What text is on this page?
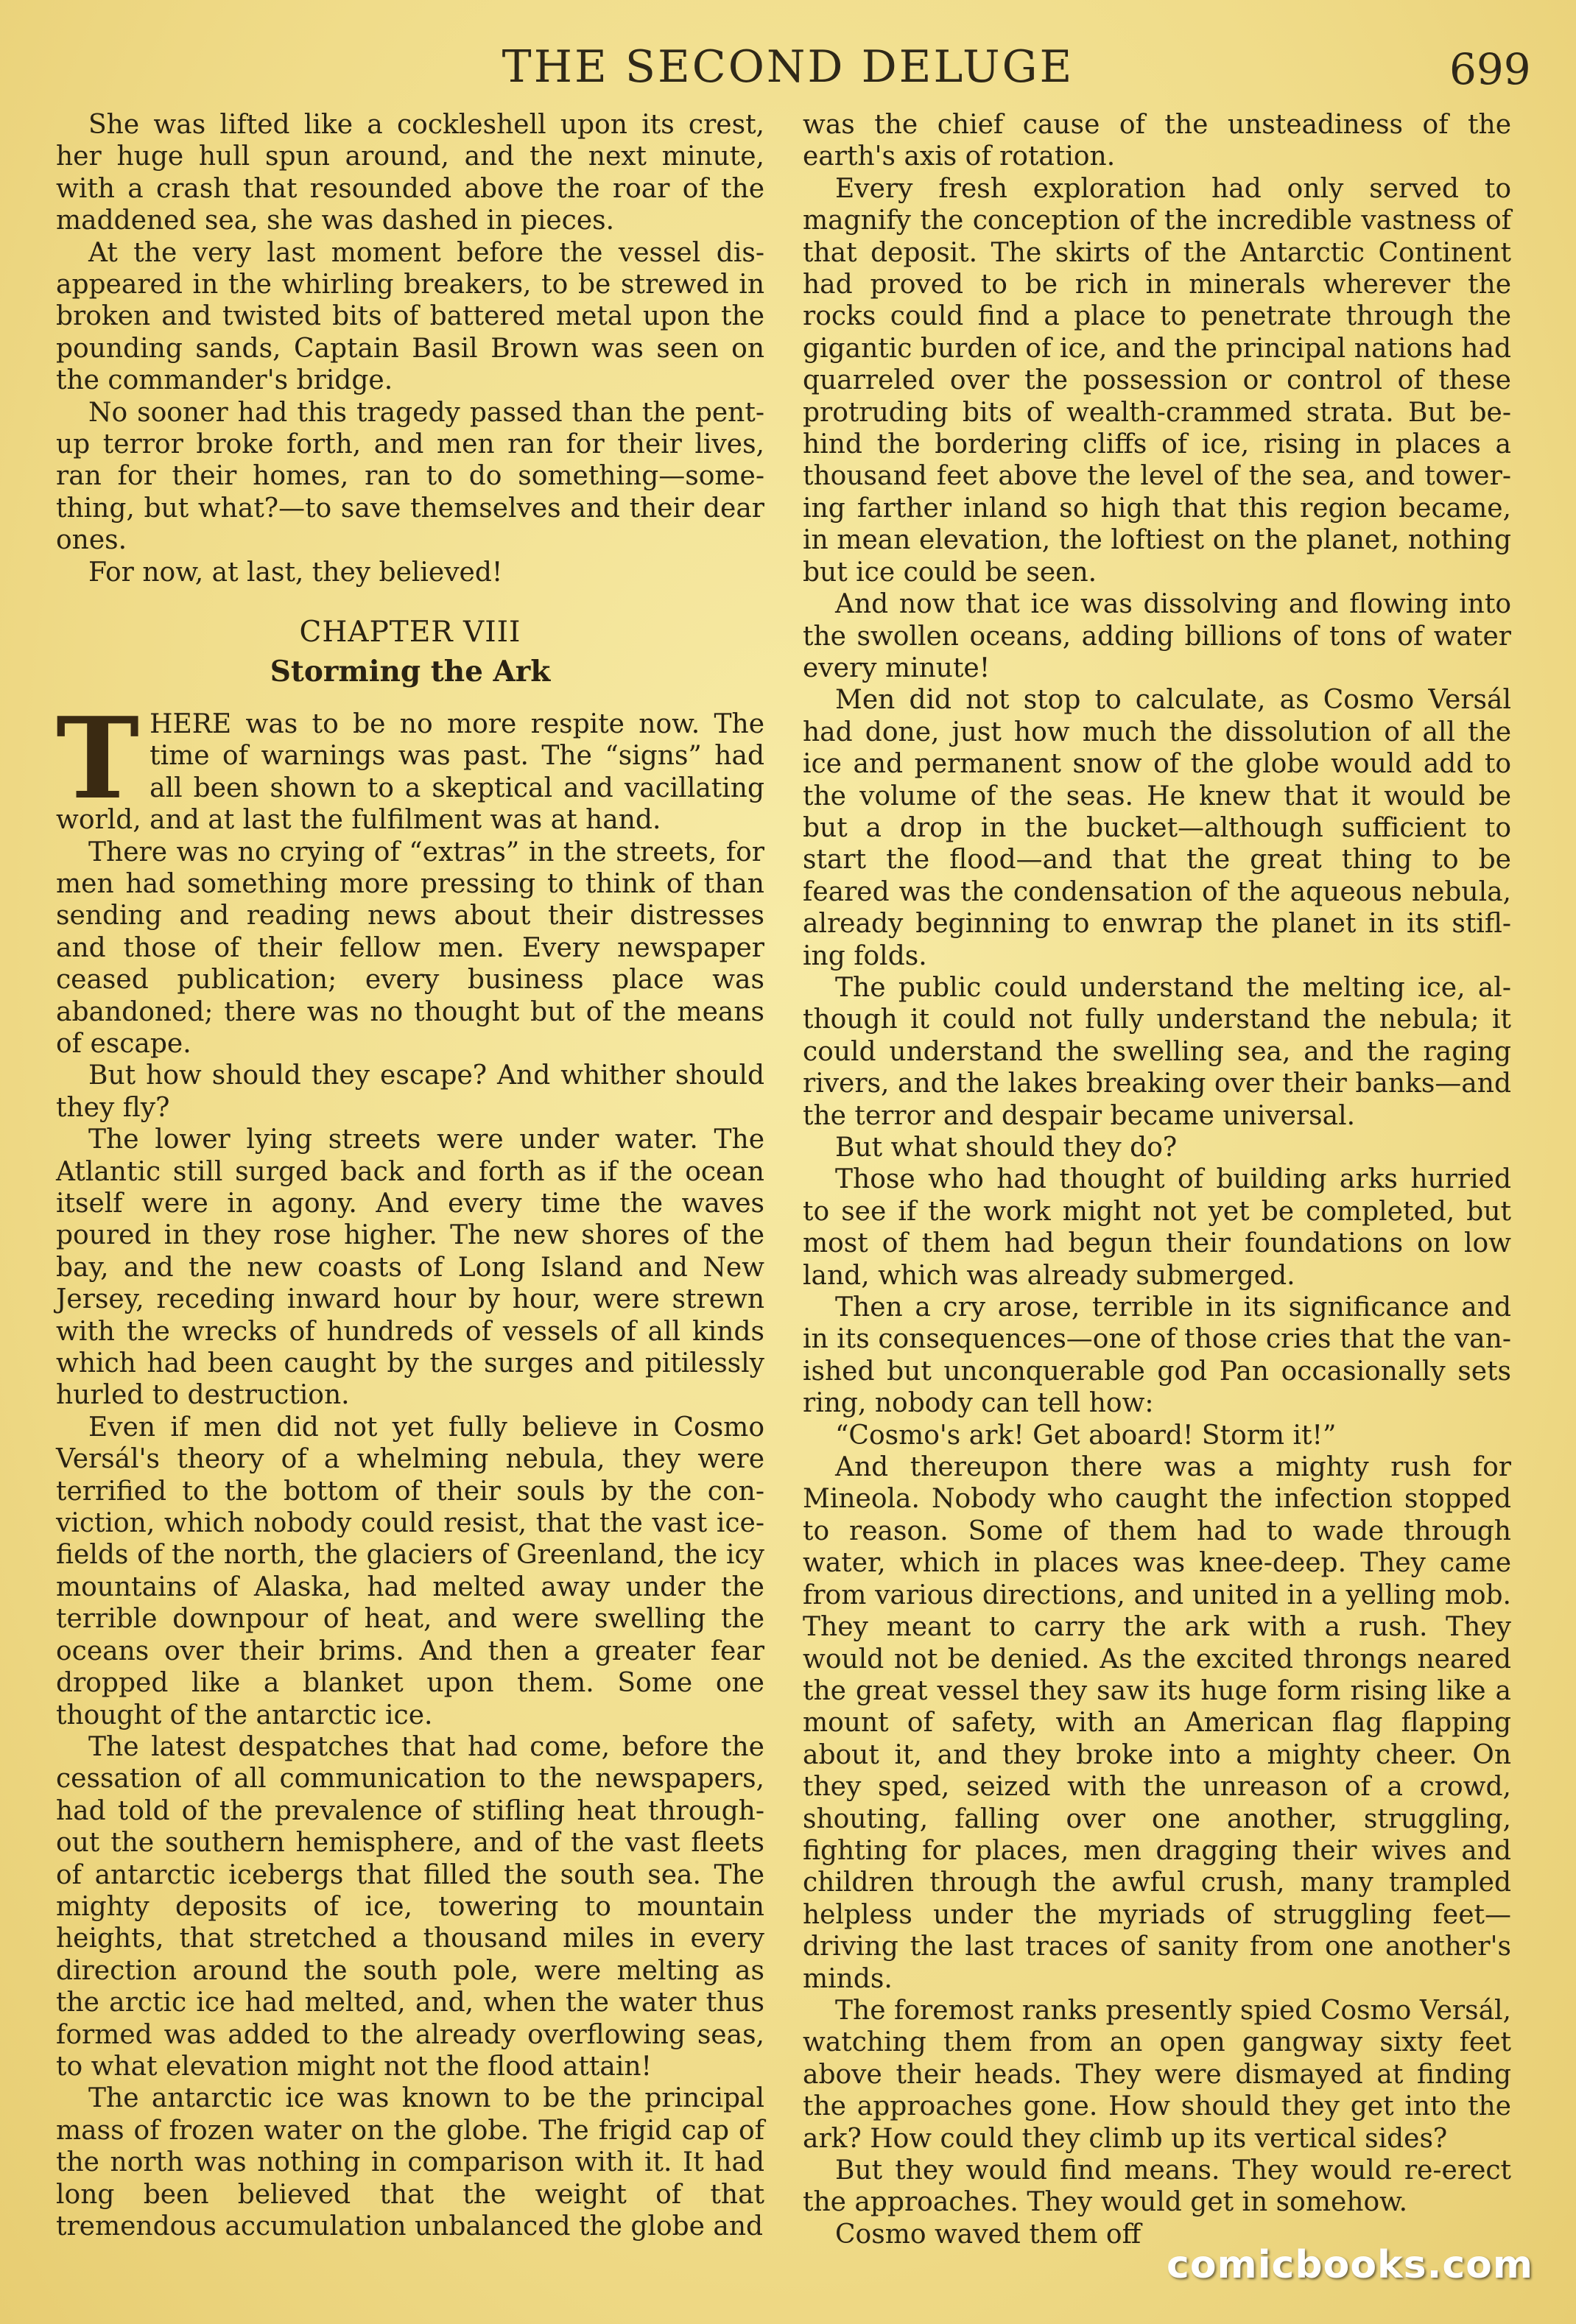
THE SECOND DELUGE	699

She was lifted like a cockleshell upon its crest, her huge hull spun around, and the next minute, with a crash that resounded above the roar of the maddened sea, she was dashed in pieces.

At the very last moment before the vessel disappeared in the whirling breakers, to be strewed in broken and twisted bits of battered metal upon the pounding sands, Captain Basil Brown was seen on the commander's bridge.

No sooner had this tragedy passed than the pent-up terror broke forth, and men ran for their lives, ran for their homes, ran to do something—something, but what?—to save themselves and their dear ones.

For now, at last, they believed!

CHAPTER VIII
Storming the Ark

T HERE was to be no more respite now. The time of warnings was past. The “signs” had all been shown to a skeptical and vacillating world, and at last the fulfilment was at hand.

There was no crying of “extras” in the streets, for men had something more pressing to think of than sending and reading news about their distresses and those of their fellow men. Every newspaper ceased publication; every business place was abandoned; there was no thought but of the means of escape.

But how should they escape? And whither should they fly?

The lower lying streets were under water. The Atlantic still surged back and forth as if the ocean itself were in agony. And every time the waves poured in they rose higher. The new shores of the bay, and the new coasts of Long Island and New Jersey, receding inward hour by hour, were strewn with the wrecks of hundreds of vessels of all kinds which had been caught by the surges and pitilessly hurled to destruction.

Even if men did not yet fully believe in Cosmo Versál's theory of a whelming nebula, they were terrified to the bottom of their souls by the conviction, which nobody could resist, that the vast ice-fields of the north, the glaciers of Greenland, the icy mountains of Alaska, had melted away under the terrible downpour of heat, and were swelling the oceans over their brims. And then a greater fear dropped like a blanket upon them. Some one thought of the antarctic ice.

The latest despatches that had come, before the cessation of all communication to the newspapers, had told of the prevalence of stifling heat throughout the southern hemisphere, and of the vast fleets of antarctic icebergs that filled the south sea. The mighty deposits of ice, towering to mountain heights, that stretched a thousand miles in every direction around the south pole, were melting as the arctic ice had melted, and, when the water thus formed was added to the already overflowing seas, to what elevation might not the flood attain!

The antarctic ice was known to be the principal mass of frozen water on the globe. The frigid cap of the north was nothing in comparison with it. It had long been believed that the weight of that tremendous accumulation unbalanced the globe and

was the chief cause of the unsteadiness of the earth's axis of rotation.

Every fresh exploration had only served to magnify the conception of the incredible vastness of that deposit. The skirts of the Antarctic Continent had proved to be rich in minerals wherever the rocks could find a place to penetrate through the gigantic burden of ice, and the principal nations had quarreled over the possession or control of these protruding bits of wealth-crammed strata. But behind the bordering cliffs of ice, rising in places a thousand feet above the level of the sea, and towering farther inland so high that this region became, in mean elevation, the loftiest on the planet, nothing but ice could be seen.

And now that ice was dissolving and flowing into the swollen oceans, adding billions of tons of water every minute!

Men did not stop to calculate, as Cosmo Versál had done, just how much the dissolution of all the ice and permanent snow of the globe would add to the volume of the seas. He knew that it would be but a drop in the bucket—although sufficient to start the flood—and that the great thing to be feared was the condensation of the aqueous nebula, already beginning to enwrap the planet in its stifling folds.

The public could understand the melting ice, although it could not fully understand the nebula; it could understand the swelling sea, and the raging rivers, and the lakes breaking over their banks—and the terror and despair became universal.

But what should they do?

Those who had thought of building arks hurried to see if the work might not yet be completed, but most of them had begun their foundations on low land, which was already submerged.

Then a cry arose, terrible in its significance and in its consequences—one of those cries that the vanished but unconquerable god Pan occasionally sets ring, nobody can tell how:

“Cosmo's ark! Get aboard! Storm it!”

And thereupon there was a mighty rush for Mineola. Nobody who caught the infection stopped to reason. Some of them had to wade through water, which in places was knee-deep. They came from various directions, and united in a yelling mob. They meant to carry the ark with a rush. They would not be denied. As the excited throngs neared the great vessel they saw its huge form rising like a mount of safety, with an American flag flapping about it, and they broke into a mighty cheer. On they sped, seized with the unreason of a crowd, shouting, falling over one another, struggling, fighting for places, men dragging their wives and children through the awful crush, many trampled helpless under the myriads of struggling feet—driving the last traces of sanity from one another's minds.

The foremost ranks presently spied Cosmo Versál, watching them from an open gangway sixty feet above their heads. They were dismayed at finding the approaches gone. How should they get into the ark? How could they climb up its vertical sides?

But they would find means. They would re-erect the approaches. They would get in somehow.

Cosmo waved them off

comicbooks.com
